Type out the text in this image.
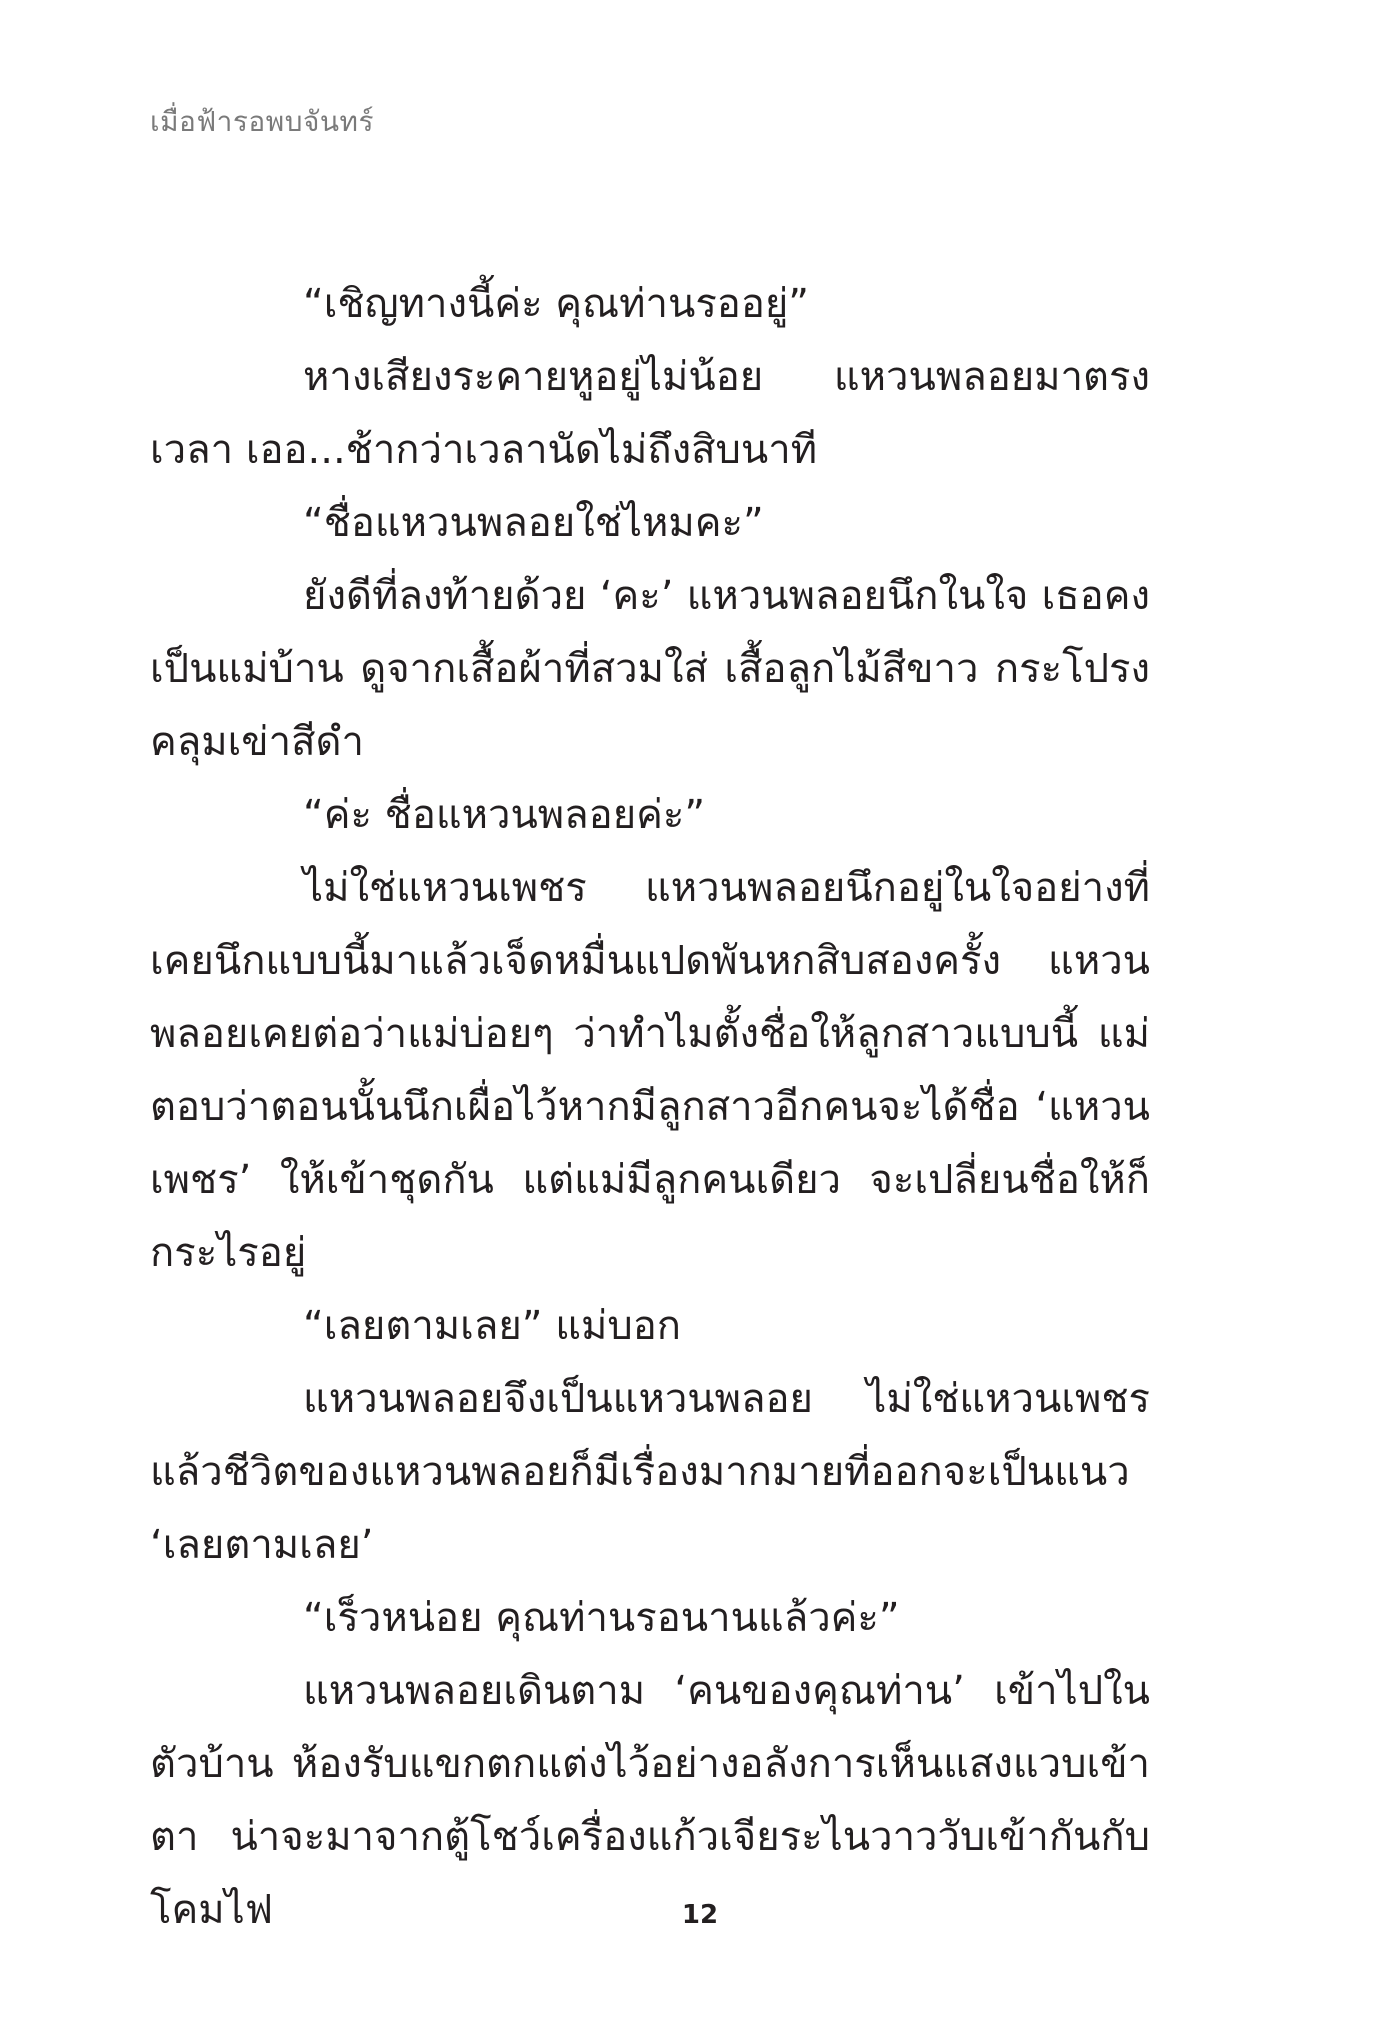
เมื่อฟ้ารอพบจันทร์

“เชิญทางนี้ค่ะ คุณท่านรออยู่”

หางเสียงระคายหูอยู่ไม่น้อย แหวนพลอยมาตรงเวลา เออ...ช้ากว่าเวลานัดไม่ถึงสิบนาที

“ชื่อแหวนพลอยใช่ไหมคะ”

ยังดีที่ลงท้ายด้วย ‘คะ’ แหวนพลอยนึกในใจ เธอคงเป็นแม่บ้าน ดูจากเสื้อผ้าที่สวมใส่ เสื้อลูกไม้สีขาว กระโปรงคลุมเข่าสีดำ

“ค่ะ ชื่อแหวนพลอยค่ะ”

ไม่ใช่แหวนเพชร แหวนพลอยนึกอยู่ในใจอย่างที่เคยนึกแบบนี้มาแล้วเจ็ดหมื่นแปดพันหกสิบสองครั้ง แหวนพลอยเคยต่อว่าแม่บ่อยๆ ว่าทำไมตั้งชื่อให้ลูกสาวแบบนี้ แม่ตอบว่าตอนนั้นนึกเผื่อไว้หากมีลูกสาวอีกคนจะได้ชื่อ ‘แหวนเพชร’ ให้เข้าชุดกัน แต่แม่มีลูกคนเดียว จะเปลี่ยนชื่อให้ก็กระไรอยู่

“เลยตามเลย” แม่บอก

แหวนพลอยจึงเป็นแหวนพลอย ไม่ใช่แหวนเพชร แล้วชีวิตของแหวนพลอยก็มีเรื่องมากมายที่ออกจะเป็นแนว ‘เลยตามเลย’

“เร็วหน่อย คุณท่านรอนานแล้วค่ะ”

แหวนพลอยเดินตาม ‘คนของคุณท่าน’ เข้าไปในตัวบ้าน ห้องรับแขกตกแต่งไว้อย่างอลังการเห็นแสงแวบเข้าตา น่าจะมาจากตู้โชว์เครื่องแก้วเจียระไนวาววับเข้ากันกับโคมไฟ	12
